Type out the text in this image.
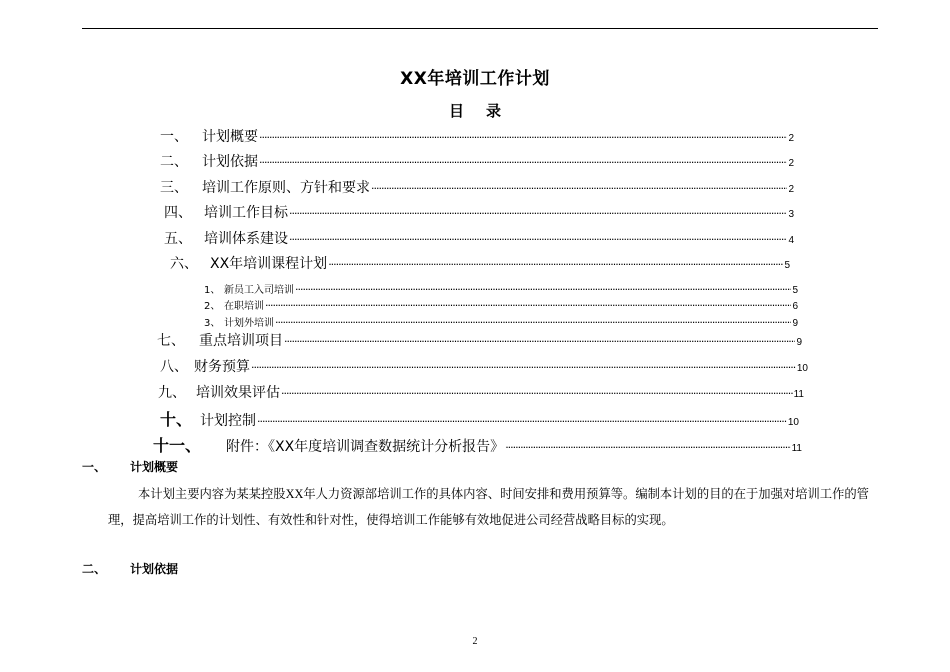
XX年培训工作计划
目录
一、	计划概要 ·····	2
二、	计划依据 ·····	2
三、	培训工作原则、方针和要求 ·····	2
四、 培训工作目标 ·····	3
五、 培训体系建设 ·····	4
六、 XX年培训课程计划 ·····	5
1、 新员工入司培训 ·····	5
2、 在职培训 ·····	6
3、 计划外培训 ·····	9
七、	重点培训项目 ·····	9
八、 财务预算 ·····	10
九、 培训效果评估 ·····	11
十、 计划控制 ·····	10
十一、	附件：《XX年度培训调查数据统计分析报告》 ·····	11
一、 计划概要

本计划主要内容为某某控股XX年人力资源部培训工作的具体内容、时间安排和费用预算等。编制本计划的目的在于加强对培训工作的管理，提高培训工作的计划性、有效性和针对性，使得培训工作能够有效地促进公司经营战略目标的实现。

二、 计划依据
2
